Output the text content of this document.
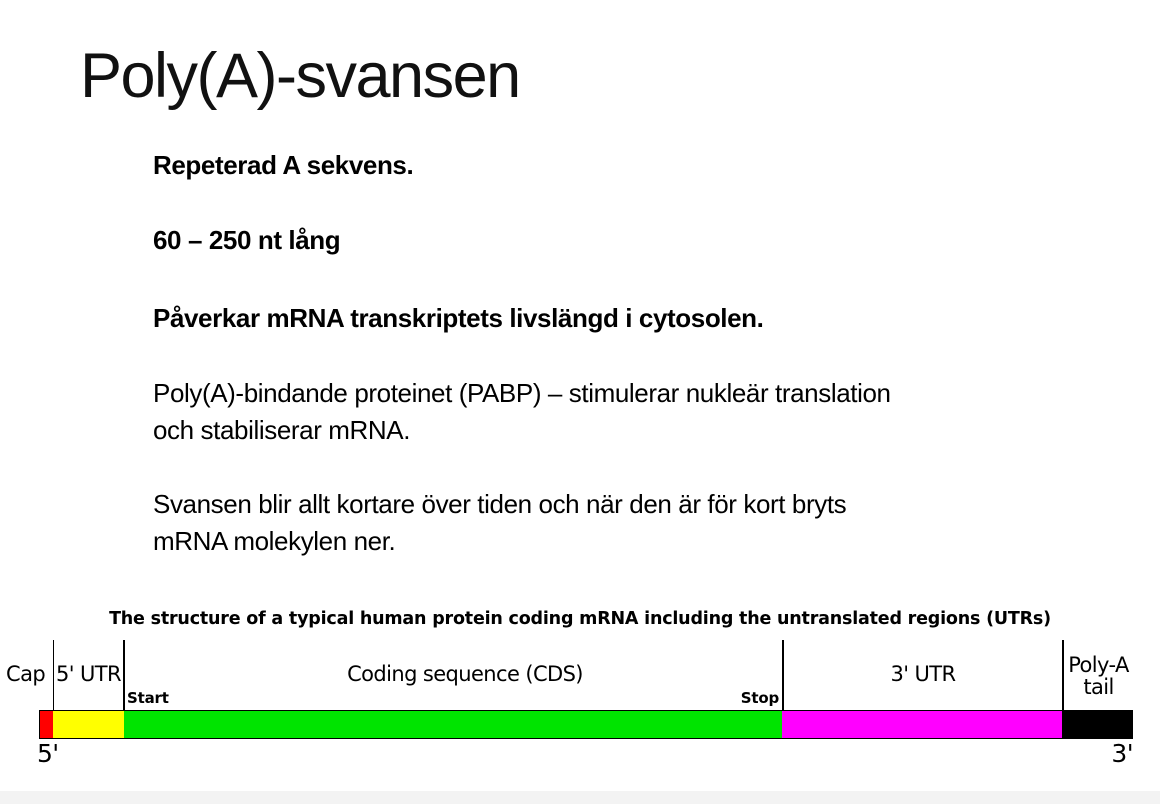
Poly(A)-svansen
Repeterad A sekvens.
60 – 250 nt lång
Påverkar mRNA transkriptets livslängd i cytosolen.
Poly(A)-bindande proteinet (PABP) – stimulerar nukleär translation
och stabiliserar mRNA.
Svansen blir allt kortare över tiden och när den är för kort bryts
mRNA molekylen ner.
The structure of a typical human protein coding mRNA including the untranslated regions (UTRs)
Cap 5' UTR	Coding sequence (CDS)	3' UTR	Poly-A
tail
Start	Stop
5'	3'
